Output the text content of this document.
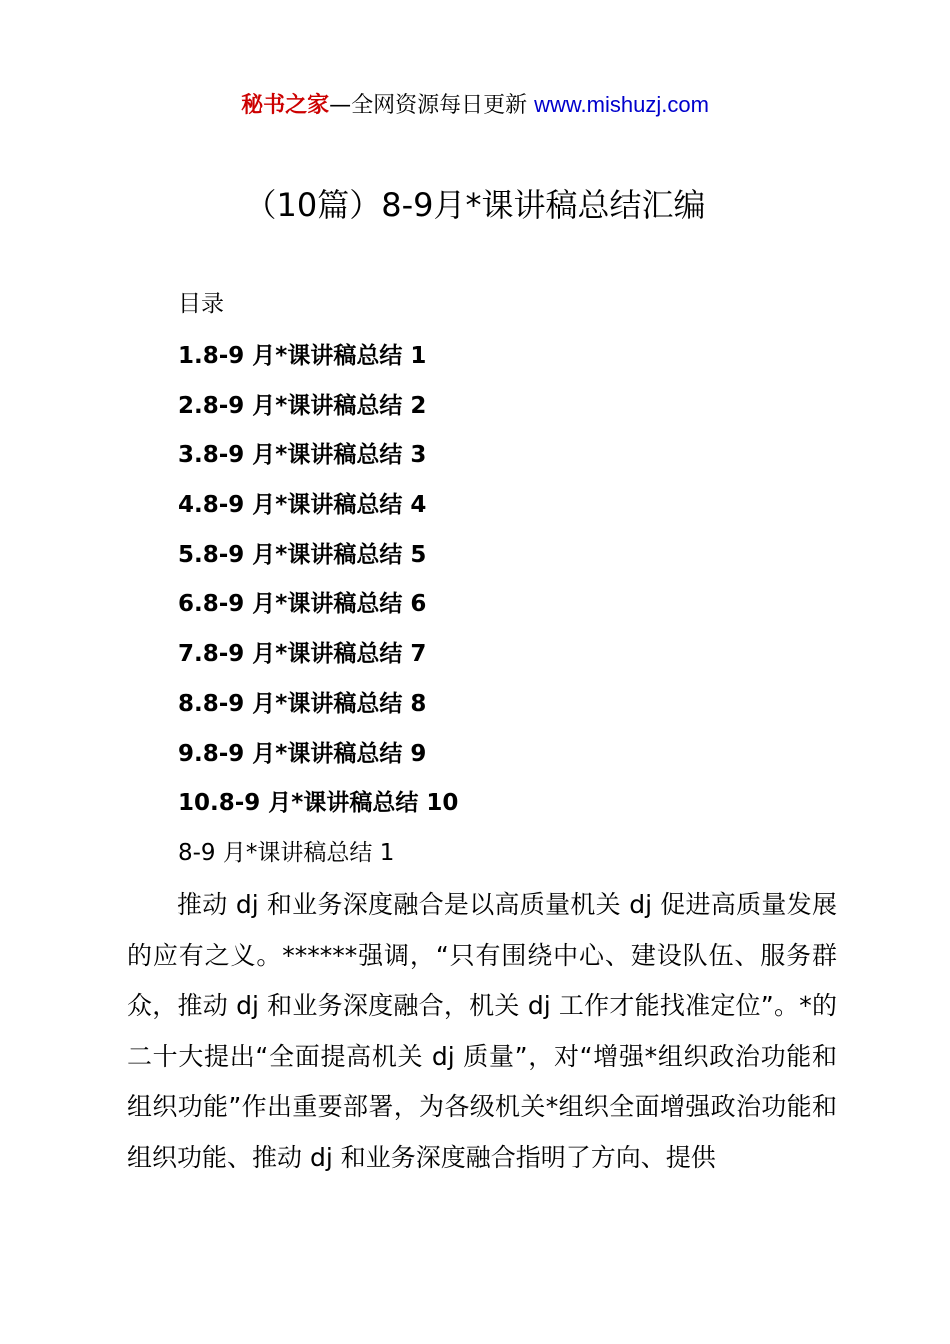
秘书之家—全网资源每日更新 www.mishuzj.com
（10篇）8-9月*课讲稿总结汇编
目录
1.8-9 月*课讲稿总结 1
2.8-9 月*课讲稿总结 2
3.8-9 月*课讲稿总结 3
4.8-9 月*课讲稿总结 4
5.8-9 月*课讲稿总结 5
6.8-9 月*课讲稿总结 6
7.8-9 月*课讲稿总结 7
8.8-9 月*课讲稿总结 8
9.8-9 月*课讲稿总结 9
10.8-9 月*课讲稿总结 10
8-9 月*课讲稿总结 1

推动 dj 和业务深度融合是以高质量机关 dj 促进高质量发展的应有之义。******强调，“只有围绕中心、建设队伍、服务群众，推动 dj 和业务深度融合，机关 dj 工作才能找准定位”。*的二十大提出“全面提高机关 dj 质量”，对“增强*组织政治功能和组织功能”作出重要部署，为各级机关*组织全面增强政治功能和组织功能、推动 dj 和业务深度融合指明了方向、提供
